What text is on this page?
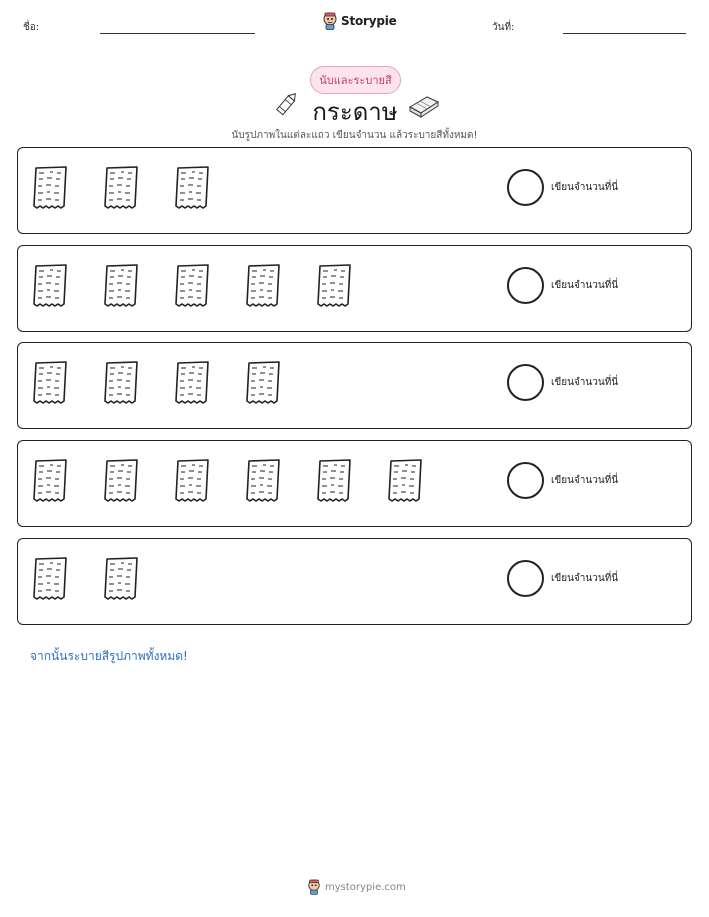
ชื่อ:	Storypie	วันที่:
นับและระบายสี
กระดาษ
นับรูปภาพในแต่ละแถว เขียนจำนวน แล้วระบายสีทั้งหมด!
เขียนจำนวนที่นี่
เขียนจำนวนที่นี่
เขียนจำนวนที่นี่
เขียนจำนวนที่นี่
เขียนจำนวนที่นี่
จากนั้นระบายสีรูปภาพทั้งหมด!
mystorypie.com
